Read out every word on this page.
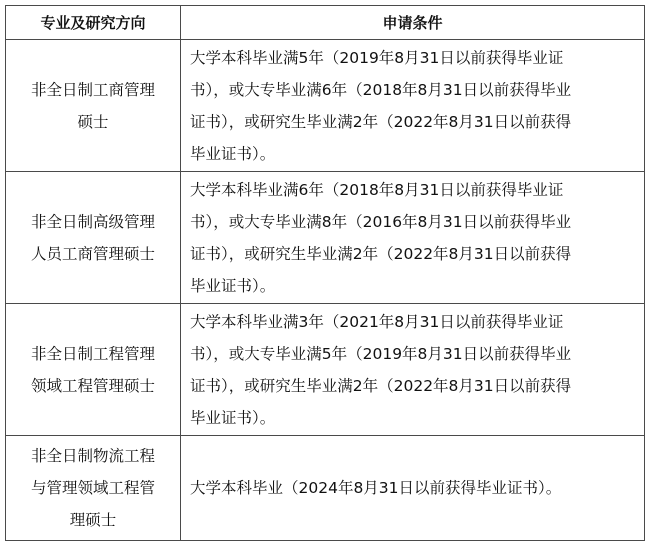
专业及研究方向	申请条件

非全日制工商管理
硕士	大学本科毕业满5年（2019年8月31日以前获得毕业证
书），或大专毕业满6年（2018年8月31日以前获得毕业
证书），或研究生毕业满2年（2022年8月31日以前获得
毕业证书）。

非全日制高级管理
人员工商管理硕士	大学本科毕业满6年（2018年8月31日以前获得毕业证
书），或大专毕业满8年（2016年8月31日以前获得毕业
证书），或研究生毕业满2年（2022年8月31日以前获得
毕业证书）。

非全日制工程管理
领域工程管理硕士	大学本科毕业满3年（2021年8月31日以前获得毕业证
书），或大专毕业满5年（2019年8月31日以前获得毕业
证书），或研究生毕业满2年（2022年8月31日以前获得
毕业证书）。

非全日制物流工程
与管理领域工程管
理硕士	大学本科毕业（2024年8月31日以前获得毕业证书）。
